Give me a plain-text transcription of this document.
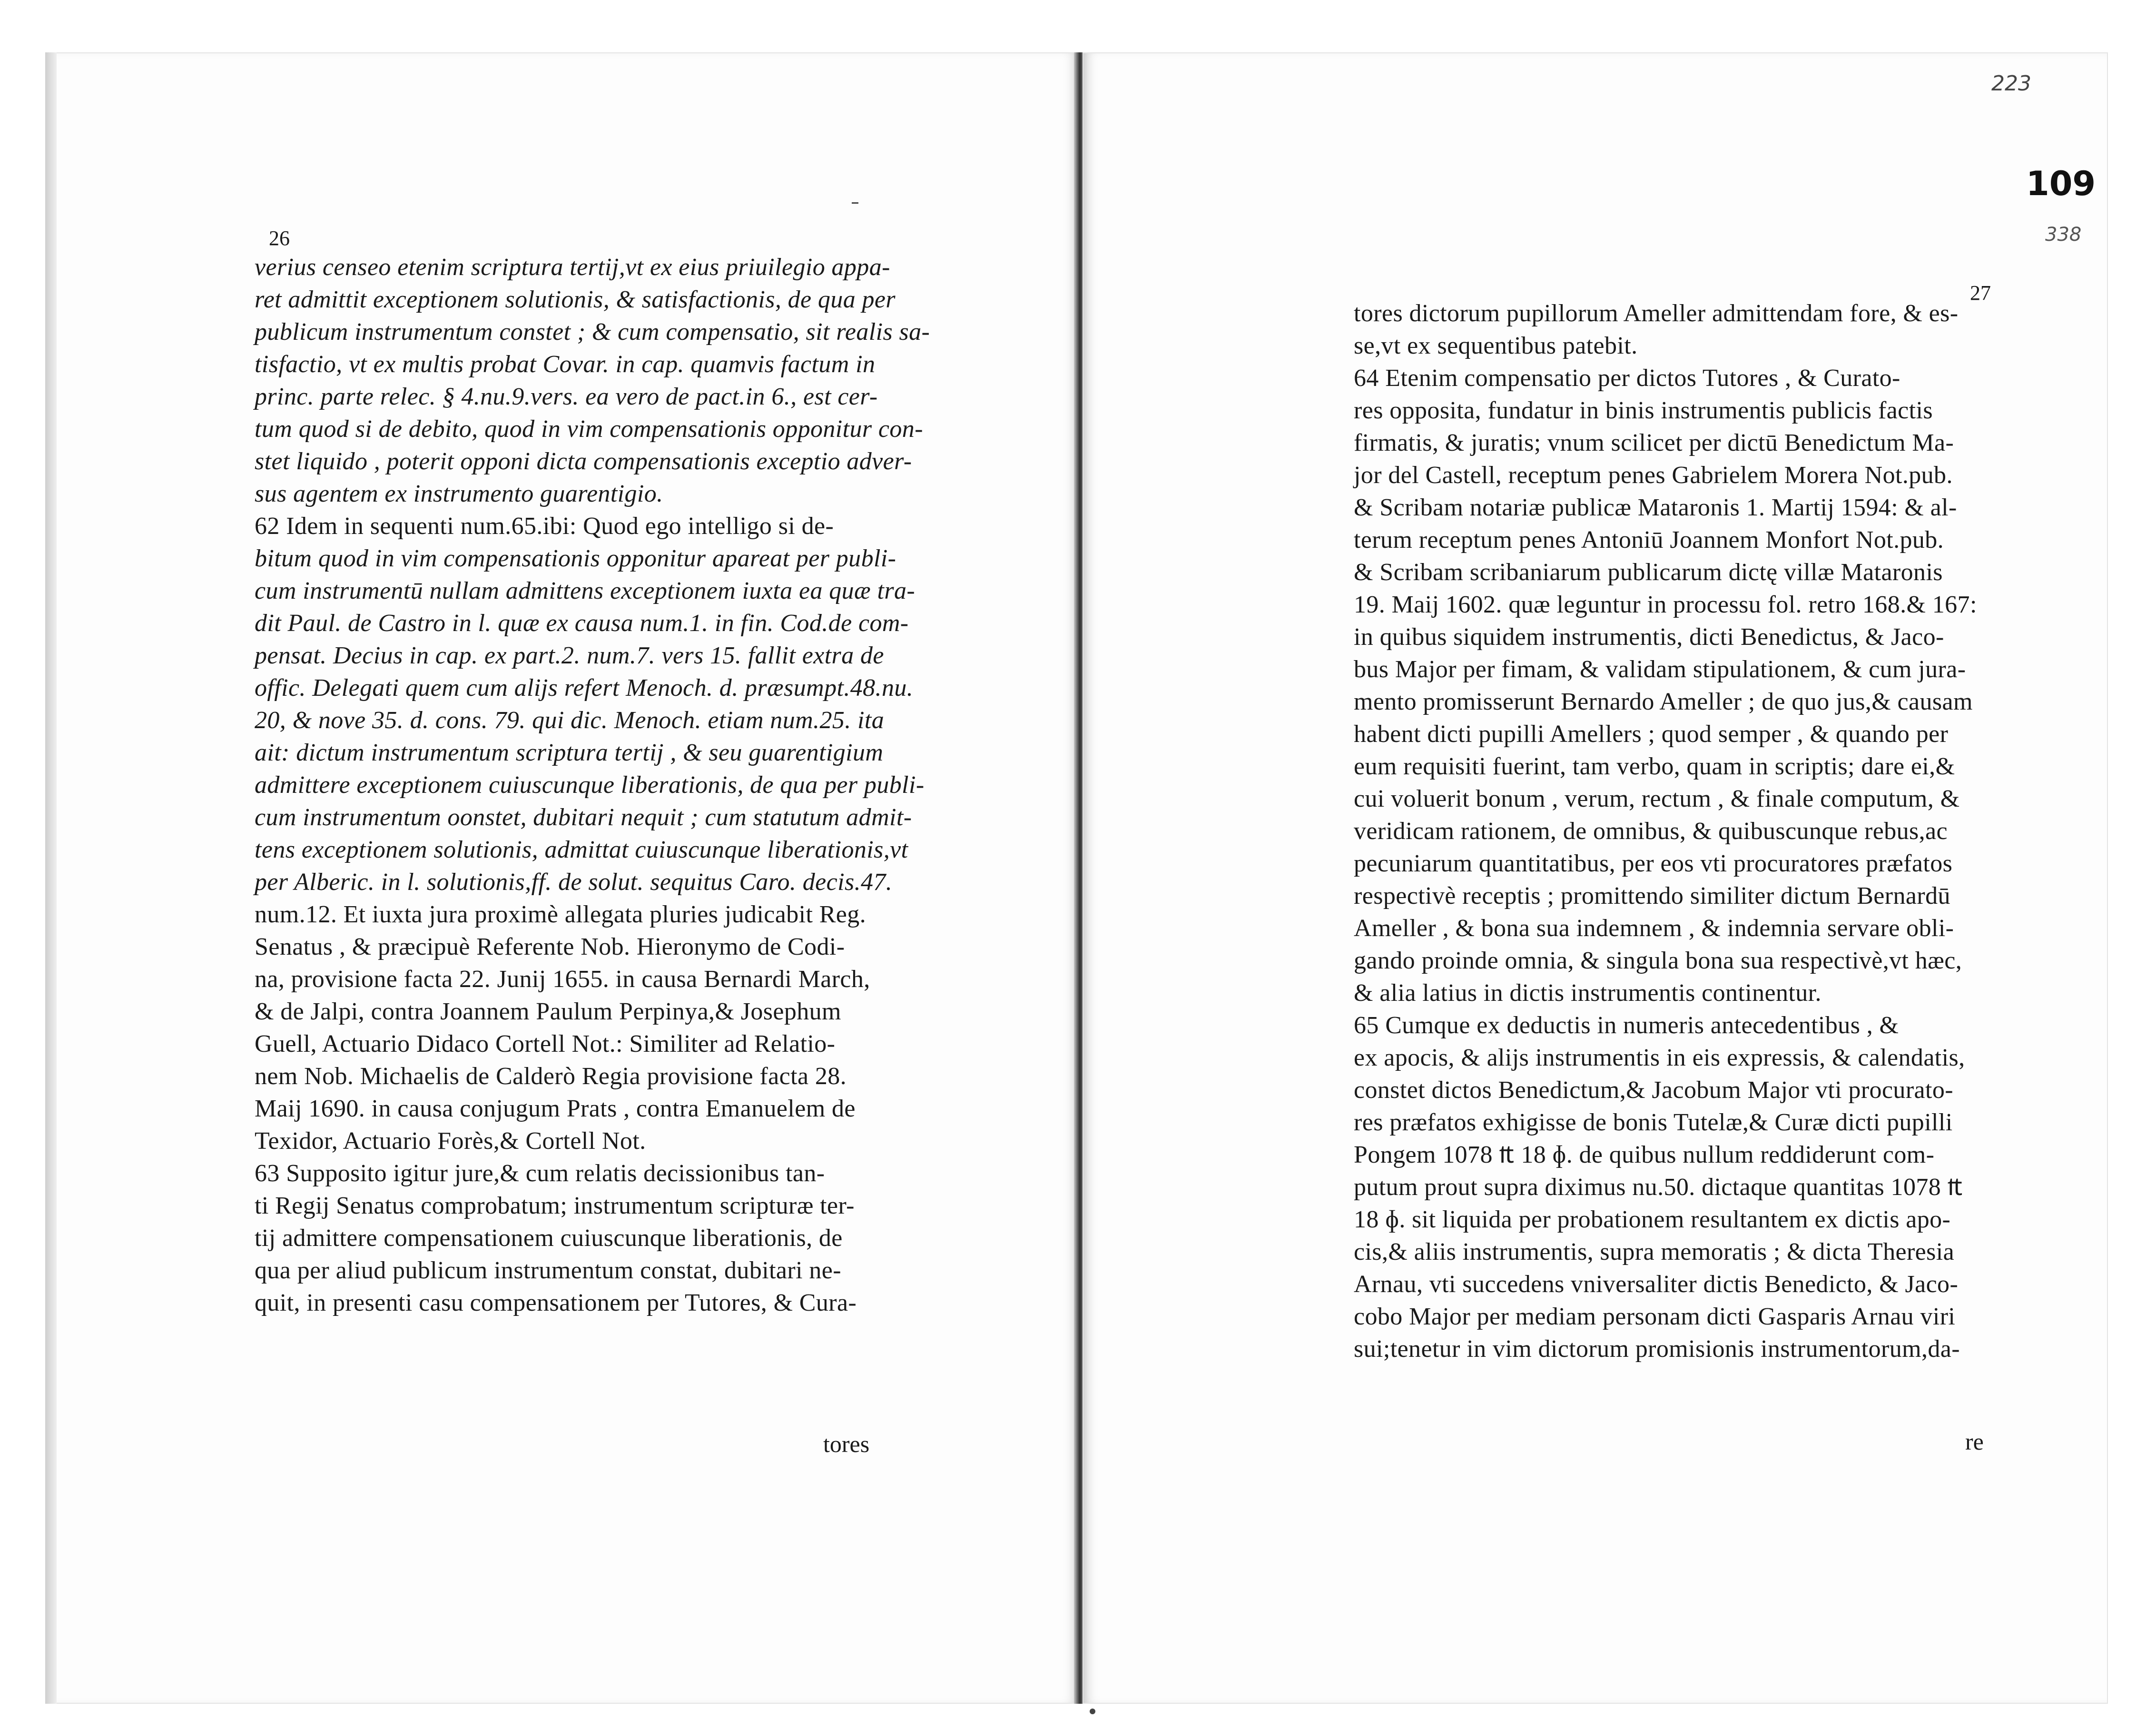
26
verius censeo etenim scriptura tertij,vt ex eius priuilegio appa-
ret admittit exceptionem solutionis, & satisfactionis, de qua per
publicum instrumentum constet ; & cum compensatio, sit realis sa-
tisfactio, vt ex multis probat Covar. in cap. quamvis factum in
princ. parte relec. § 4.nu.9.vers. ea vero de pact.in 6., est cer-
tum quod si de debito, quod in vim compensationis opponitur con-
stet liquido , poterit opponi dicta compensationis exceptio adver-
sus agentem ex instrumento guarentigio.
62 Idem in sequenti num.65.ibi: Quod ego intelligo si de-
bitum quod in vim compensationis opponitur apareat per publi-
cum instrumentū nullam admittens exceptionem iuxta ea quæ tra-
dit Paul. de Castro in l. quæ ex causa num.1. in fin. Cod.de com-
pensat. Decius in cap. ex part.2. num.7. vers 15. fallit extra de
offic. Delegati quem cum alijs refert Menoch. d. præsumpt.48.nu.
20, & nove 35. d. cons. 79. qui dic. Menoch. etiam num.25. ita
ait: dictum instrumentum scriptura tertij , & seu guarentigium
admittere exceptionem cuiuscunque liberationis, de qua per publi-
cum instrumentum oonstet, dubitari nequit ; cum statutum admit-
tens exceptionem solutionis, admittat cuiuscunque liberationis,vt
per Alberic. in l. solutionis,ff. de solut. sequitus Caro. decis.47.
num.12. Et iuxta jura proximè allegata pluries judicabit Reg.
Senatus , & præcipuè Referente Nob. Hieronymo de Codi-
na, provisione facta 22. Junij 1655. in causa Bernardi March,
& de Jalpi, contra Joannem Paulum Perpinya,& Josephum
Guell, Actuario Didaco Cortell Not.: Similiter ad Relatio-
nem Nob. Michaelis de Calderò Regia provisione facta 28.
Maij 1690. in causa conjugum Prats , contra Emanuelem de
Texidor, Actuario Forès,& Cortell Not.
63 Supposito igitur jure,& cum relatis decissionibus tan-
ti Regij Senatus comprobatum; instrumentum scripturæ ter-
tij admittere compensationem cuiuscunque liberationis, de
qua per aliud publicum instrumentum constat, dubitari ne-
quit, in presenti casu compensationem per Tutores, & Cura-
tores
27
tores dictorum pupillorum Ameller admittendam fore, & es-
se,vt ex sequentibus patebit.
64 Etenim compensatio per dictos Tutores , & Curato-
res opposita, fundatur in binis instrumentis publicis factis
firmatis, & juratis; vnum scilicet per dictū Benedictum Ma-
jor del Castell, receptum penes Gabrielem Morera Not.pub.
& Scribam notariæ publicæ Mataronis 1. Martij 1594: & al-
terum receptum penes Antoniū Joannem Monfort Not.pub.
& Scribam scribaniarum publicarum dictę villæ Mataronis
19. Maij 1602. quæ leguntur in processu fol. retro 168.& 167:
in quibus siquidem instrumentis, dicti Benedictus, & Jaco-
bus Major per fimam, & validam stipulationem, & cum jura-
mento promisserunt Bernardo Ameller ; de quo jus,& causam
habent dicti pupilli Amellers ; quod semper , & quando per
eum requisiti fuerint, tam verbo, quam in scriptis; dare ei,&
cui voluerit bonum , verum, rectum , & finale computum, &
veridicam rationem, de omnibus, & quibuscunque rebus,ac
pecuniarum quantitatibus, per eos vti procuratores præfatos
respectivè receptis ; promittendo similiter dictum Bernardū
Ameller , & bona sua indemnem , & indemnia servare obli-
gando proinde omnia, & singula bona sua respectivè,vt hæc,
& alia latius in dictis instrumentis continentur.
65 Cumque ex deductis in numeris antecedentibus , &
ex apocis, & alijs instrumentis in eis expressis, & calendatis,
constet dictos Benedictum,& Jacobum Major vti procurato-
res præfatos exhigisse de bonis Tutelæ,& Curæ dicti pupilli
Pongem 1078 ₶ 18 ɸ. de quibus nullum reddiderunt com-
putum prout supra diximus nu.50. dictaque quantitas 1078 ₶
18 ɸ. sit liquida per probationem resultantem ex dictis apo-
cis,& aliis instrumentis, supra memoratis ; & dicta Theresia
Arnau, vti succedens vniversaliter dictis Benedicto, & Jaco-
cobo Major per mediam personam dicti Gasparis Arnau viri
sui;tenetur in vim dictorum promisionis instrumentorum,da-
re
223
109
338
